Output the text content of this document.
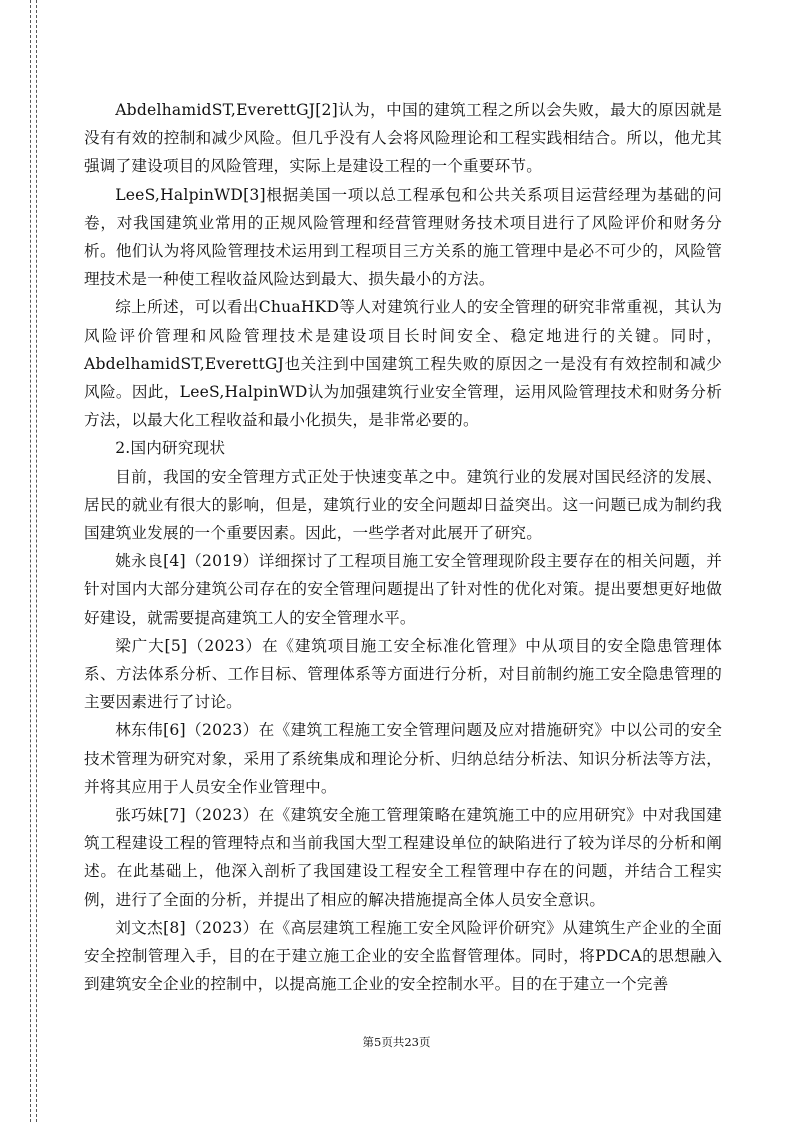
AbdelhamidST,EverettGJ[2]认为，中国的建筑工程之所以会失败，最大的原因就是没有有效的控制和减少风险。但几乎没有人会将风险理论和工程实践相结合。所以，他尤其强调了建设项目的风险管理，实际上是建设工程的一个重要环节。

LeeS,HalpinWD[3]根据美国一项以总工程承包和公共关系项目运营经理为基础的问卷，对我国建筑业常用的正规风险管理和经营管理财务技术项目进行了风险评价和财务分析。他们认为将风险管理技术运用到工程项目三方关系的施工管理中是必不可少的，风险管理技术是一种使工程收益风险达到最大、损失最小的方法。

综上所述，可以看出ChuaHKD等人对建筑行业人的安全管理的研究非常重视，其认为风险评价管理和风险管理技术是建设项目长时间安全、稳定地进行的关键。同时，AbdelhamidST,EverettGJ也关注到中国建筑工程失败的原因之一是没有有效控制和减少风险。因此，LeeS,HalpinWD认为加强建筑行业安全管理，运用风险管理技术和财务分析方法，以最大化工程收益和最小化损失，是非常必要的。

2.国内研究现状

目前，我国的安全管理方式正处于快速变革之中。建筑行业的发展对国民经济的发展、居民的就业有很大的影响，但是，建筑行业的安全问题却日益突出。这一问题已成为制约我国建筑业发展的一个重要因素。因此，一些学者对此展开了研究。

姚永良[4]（2019）详细探讨了工程项目施工安全管理现阶段主要存在的相关问题，并针对国内大部分建筑公司存在的安全管理问题提出了针对性的优化对策。提出要想更好地做好建设，就需要提高建筑工人的安全管理水平。

梁广大[5]（2023）在《建筑项目施工安全标准化管理》中从项目的安全隐患管理体系、方法体系分析、工作目标、管理体系等方面进行分析，对目前制约施工安全隐患管理的主要因素进行了讨论。

林东伟[6]（2023）在《建筑工程施工安全管理问题及应对措施研究》中以公司的安全技术管理为研究对象，采用了系统集成和理论分析、归纳总结分析法、知识分析法等方法，并将其应用于人员安全作业管理中。

张巧妹[7]（2023）在《建筑安全施工管理策略在建筑施工中的应用研究》中对我国建筑工程建设工程的管理特点和当前我国大型工程建设单位的缺陷进行了较为详尽的分析和阐述。在此基础上，他深入剖析了我国建设工程安全工程管理中存在的问题，并结合工程实例，进行了全面的分析，并提出了相应的解决措施提高全体人员安全意识。

刘文杰[8]（2023）在《高层建筑工程施工安全风险评价研究》从建筑生产企业的全面安全控制管理入手，目的在于建立施工企业的安全监督管理体。同时，将PDCA的思想融入到建筑安全企业的控制中，以提高施工企业的安全控制水平。目的在于建立一个完善

第5页共23页
